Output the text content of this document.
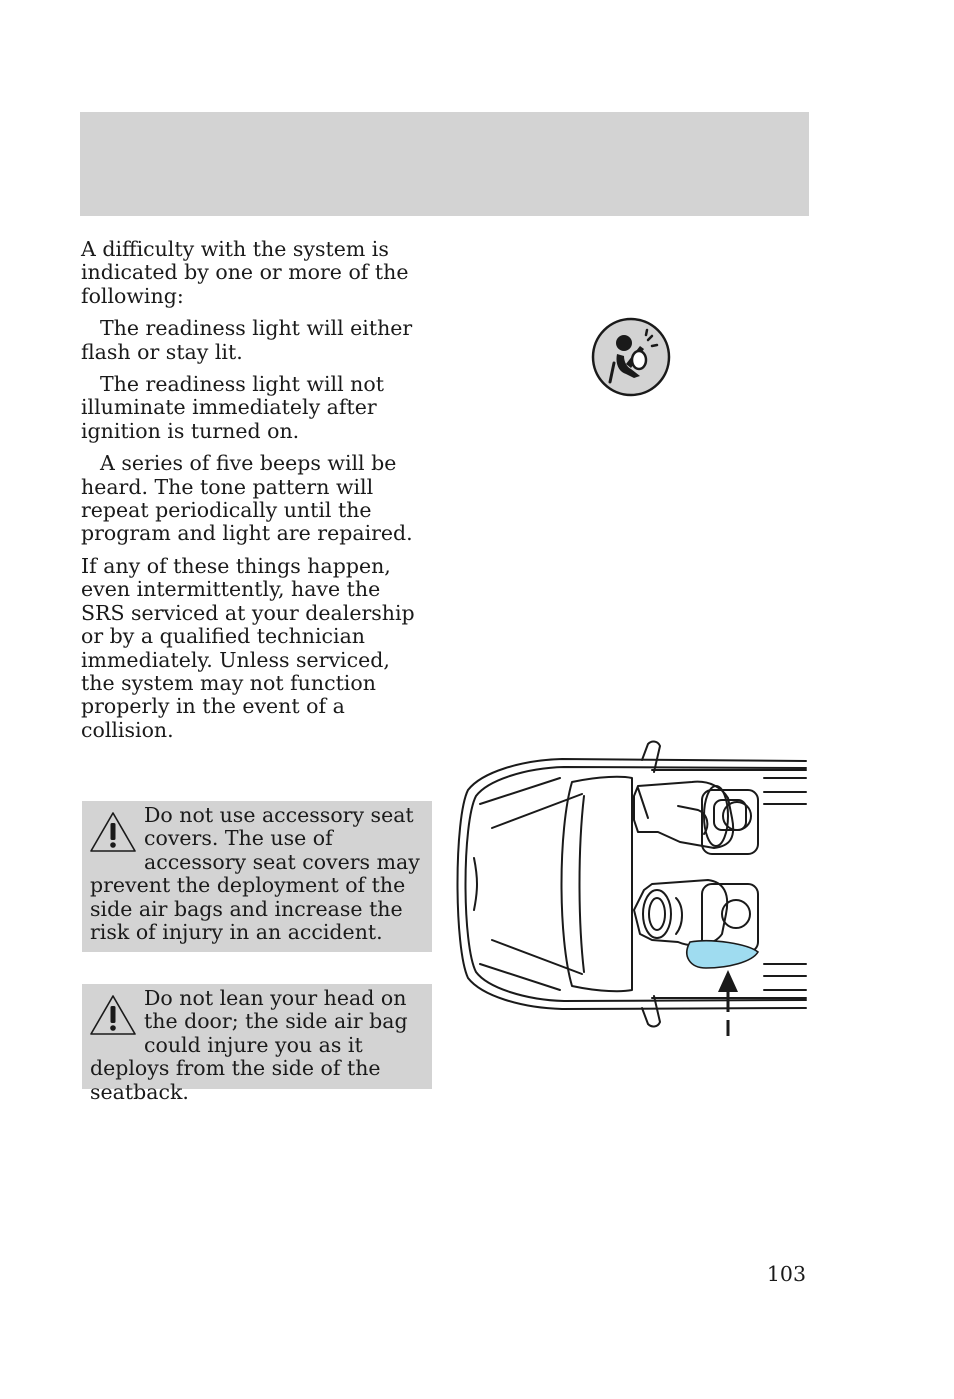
A difficulty with the system is indicated by one or more of the following:

The readiness light will either flash or stay lit.

The readiness light will not illuminate immediately after ignition is turned on.

A series of five beeps will be heard. The tone pattern will repeat periodically until the program and light are repaired.

If any of these things happen, even intermittently, have the SRS serviced at your dealership or by a qualified technician immediately. Unless serviced, the system may not function properly in the event of a collision.

Do not use accessory seat covers. The use of accessory seat covers may prevent the deployment of the side air bags and increase the risk of injury in an accident.
Do not lean your head on the door; the side air bag could injure you as it deploys from the side of the seatback.
103
